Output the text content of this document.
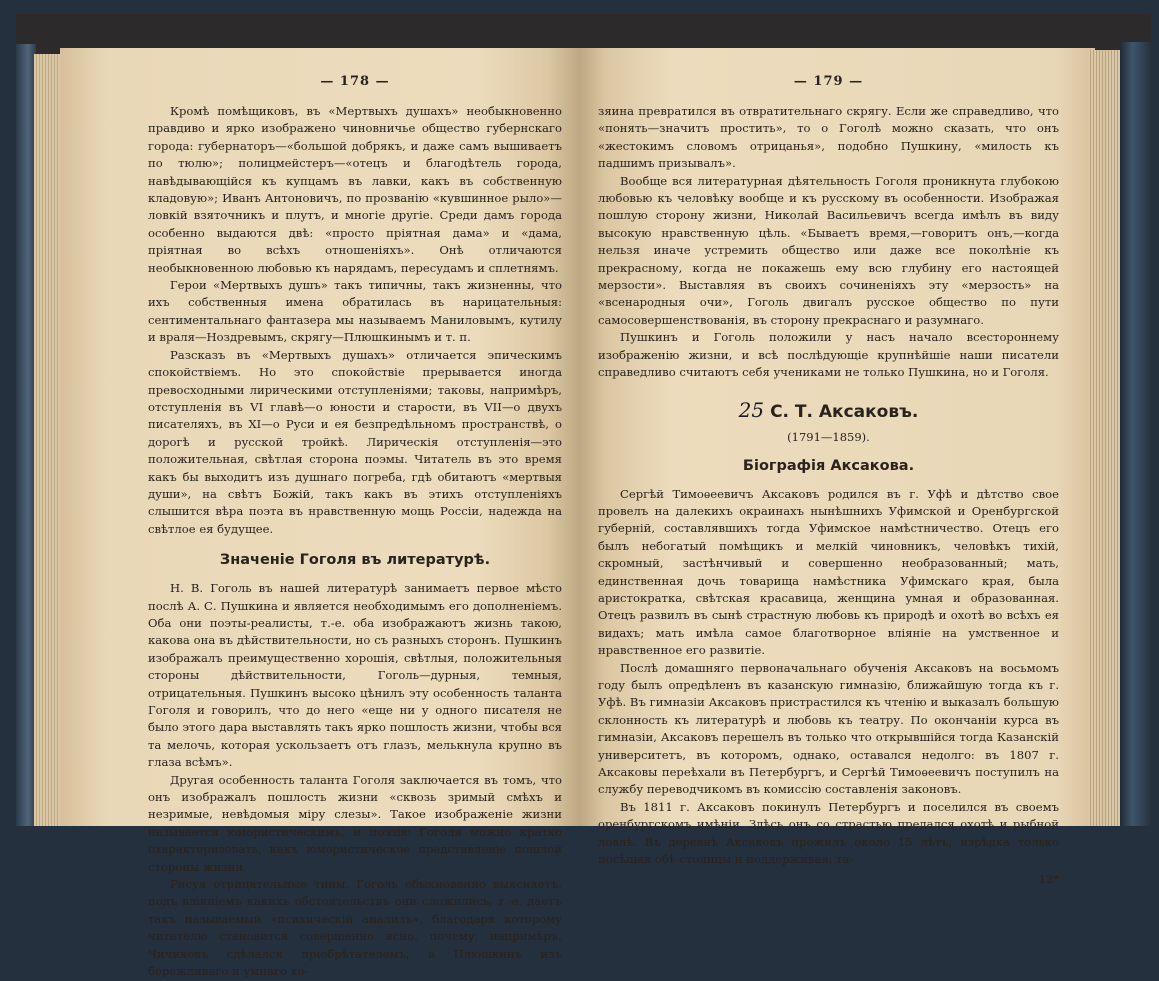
— 178 —

Кромѣ помѣщиковъ, въ «Мертвыхъ душахъ» необыкновенно правдиво и ярко изображено чиновничье общество губернскаго города: губернаторъ—«большой добрякъ, и даже самъ вышиваетъ по тюлю»; полицмейстеръ—«отецъ и благодѣтель города, навѣдывающійся къ купцамъ въ лавки, какъ въ собственную кладовую»; Иванъ Антоновичъ, по прозванію «кувшинное рыло»—ловкій взяточникъ и плутъ, и многіе другіе. Среди дамъ города особенно выдаются двѣ: «просто пріятная дама» и «дама, пріятная во всѣхъ отношеніяхъ». Онѣ отличаются необыкновенною любовью къ нарядамъ, пересудамъ и сплетнямъ.

Герои «Мертвыхъ душъ» такъ типичны, такъ жизненны, что ихъ собственныя имена обратилась въ нарицательныя: сентиментальнаго фантазера мы называемъ Маниловымъ, кутилу и враля—Ноздревымъ, скрягу—Плюшкинымъ и т. п.

Разсказъ въ «Мертвыхъ душахъ» отличается эпическимъ спокойствіемъ. Но это спокойствіе прерывается иногда превосходными лирическими отступленіями; таковы, напримѣръ, отступленія въ VI главѣ—о юности и старости, въ VII—о двухъ писателяхъ, въ XI—о Руси и ея безпредѣльномъ пространствѣ, о дорогѣ и русской тройкѣ. Лирическія отступленія—это положительная, свѣтлая сторона поэмы. Читатель въ это время какъ бы выходитъ изъ душнаго погреба, гдѣ обитаютъ «мертвыя души», на свѣтъ Божій, такъ какъ въ этихъ отступленіяхъ слышится вѣра поэта въ нравственную мощь Россіи, надежда на свѣтлое ея будущее.

Значеніе Гоголя въ литературѣ.

Н. В. Гоголь въ нашей литературѣ занимаетъ первое мѣсто послѣ А. С. Пушкина и является необходимымъ его дополненіемъ. Оба они поэты-реалисты, т.-е. оба изображаютъ жизнь такою, какова она въ дѣйствительности, но съ разныхъ сторонъ. Пушкинъ изображалъ преимущественно хорошія, свѣтлыя, положительныя стороны дѣйствительности, Гоголь—дурныя, темныя, отрицательныя. Пушкинъ высоко цѣнилъ эту особенность таланта Гоголя и говорилъ, что до него «еще ни у одного писателя не было этого дара выставлять такъ ярко пошлость жизни, чтобы вся та мелочь, которая ускользаетъ отъ глазъ, мелькнула крупно въ глаза всѣмъ».

Другая особенность таланта Гоголя заключается въ томъ, что онъ изображалъ пошлость жизни «сквозь зримый смѣхъ и незримые, невѣдомыя міру слезы». Такое изображеніе жизни называется юмористическимъ, и поэзію Гоголя можно кратко охарактеризовать, какъ юмористическое представленіе пошлой стороны жизни.

Рисуя отрицательные типы, Гоголь обыкновенно выясняетъ, подъ вліяніемъ какихъ обстоятельствъ они сложились, т.-е. даетъ такъ называемый «психическій анализъ», благодаря которому читателю становится совершенно ясно, почему, напримѣръ, Чичиковъ сдѣлался пріобрѣтателемъ, а Плюшкинъ изъ бережливаго и умнаго хо-

— 179 —

зяина превратился въ отвратительнаго скрягу. Если же справедливо, что «понять—значитъ простить», то о Гоголѣ можно сказать, что онъ «жестокимъ словомъ отрицанья», подобно Пушкину, «милость къ падшимъ призывалъ».

Вообще вся литературная дѣятельность Гоголя проникнута глубокою любовью къ человѣку вообще и къ русскому въ особенности. Изображая пошлую сторону жизни, Николай Васильевичъ всегда имѣлъ въ виду высокую нравственную цѣль. «Бываетъ время,—говоритъ онъ,—когда нельзя иначе устремить общество или даже все поколѣніе къ прекрасному, когда не покажешь ему всю глубину его настоящей мерзости». Выставляя въ своихъ сочиненіяхъ эту «мерзость» на «всенародныя очи», Гоголь двигалъ русское общество по пути самосовершенствованія, въ сторону прекраснаго и разумнаго.

Пушкинъ и Гоголь положили у насъ начало всестороннему изображенію жизни, и всѣ послѣдующіе крупнѣйшіе наши писатели справедливо считаютъ себя учениками не только Пушкина, но и Гоголя.

25 С. Т. Аксаковъ.
(1791—1859).
Біографія Аксакова.

Сергѣй Тимоѳеевичъ Аксаковъ родился въ г. Уфѣ и дѣтство свое провелъ на далекихъ окраинахъ нынѣшнихъ Уфимской и Оренбургской губерній, составлявшихъ тогда Уфимское намѣстничество. Отецъ его былъ небогатый помѣщикъ и мелкій чиновникъ, человѣкъ тихій, скромный, застѣнчивый и совершенно необразованный; мать, единственная дочь товарища намѣстника Уфимскаго края, была аристократка, свѣтская красавица, женщина умная и образованная. Отецъ развилъ въ сынѣ страстную любовь къ природѣ и охотѣ во всѣхъ ея видахъ; мать имѣла самое благотворное вліяніе на умственное и нравственное его развитіе.

Послѣ домашняго первоначальнаго обученія Аксаковъ на восьмомъ году былъ опредѣленъ въ казанскую гимназію, ближайшую тогда къ г. Уфѣ. Въ гимназіи Аксаковъ пристрастился къ чтенію и выказалъ большую склонность къ литературѣ и любовь къ театру. По окончаніи курса въ гимназіи, Аксаковъ перешелъ въ только что открывшійся тогда Казанскій университетъ, въ которомъ, однако, оставался недолго: въ 1807 г. Аксаковы переѣхали въ Петербургъ, и Сергѣй Тимоѳеевичъ поступилъ на службу переводчикомъ въ комиссію составленія законовъ.

Въ 1811 г. Аксаковъ покинулъ Петербургъ и поселился въ своемъ оренбургскомъ имѣніи. Здѣсь онъ со страстью предался охотѣ и рыбной ловлѣ. Въ деревнѣ Аксаковъ прожилъ около 15 лѣтъ, изрѣдка только посѣщая обѣ столицы и поддерживая, та-

12*
